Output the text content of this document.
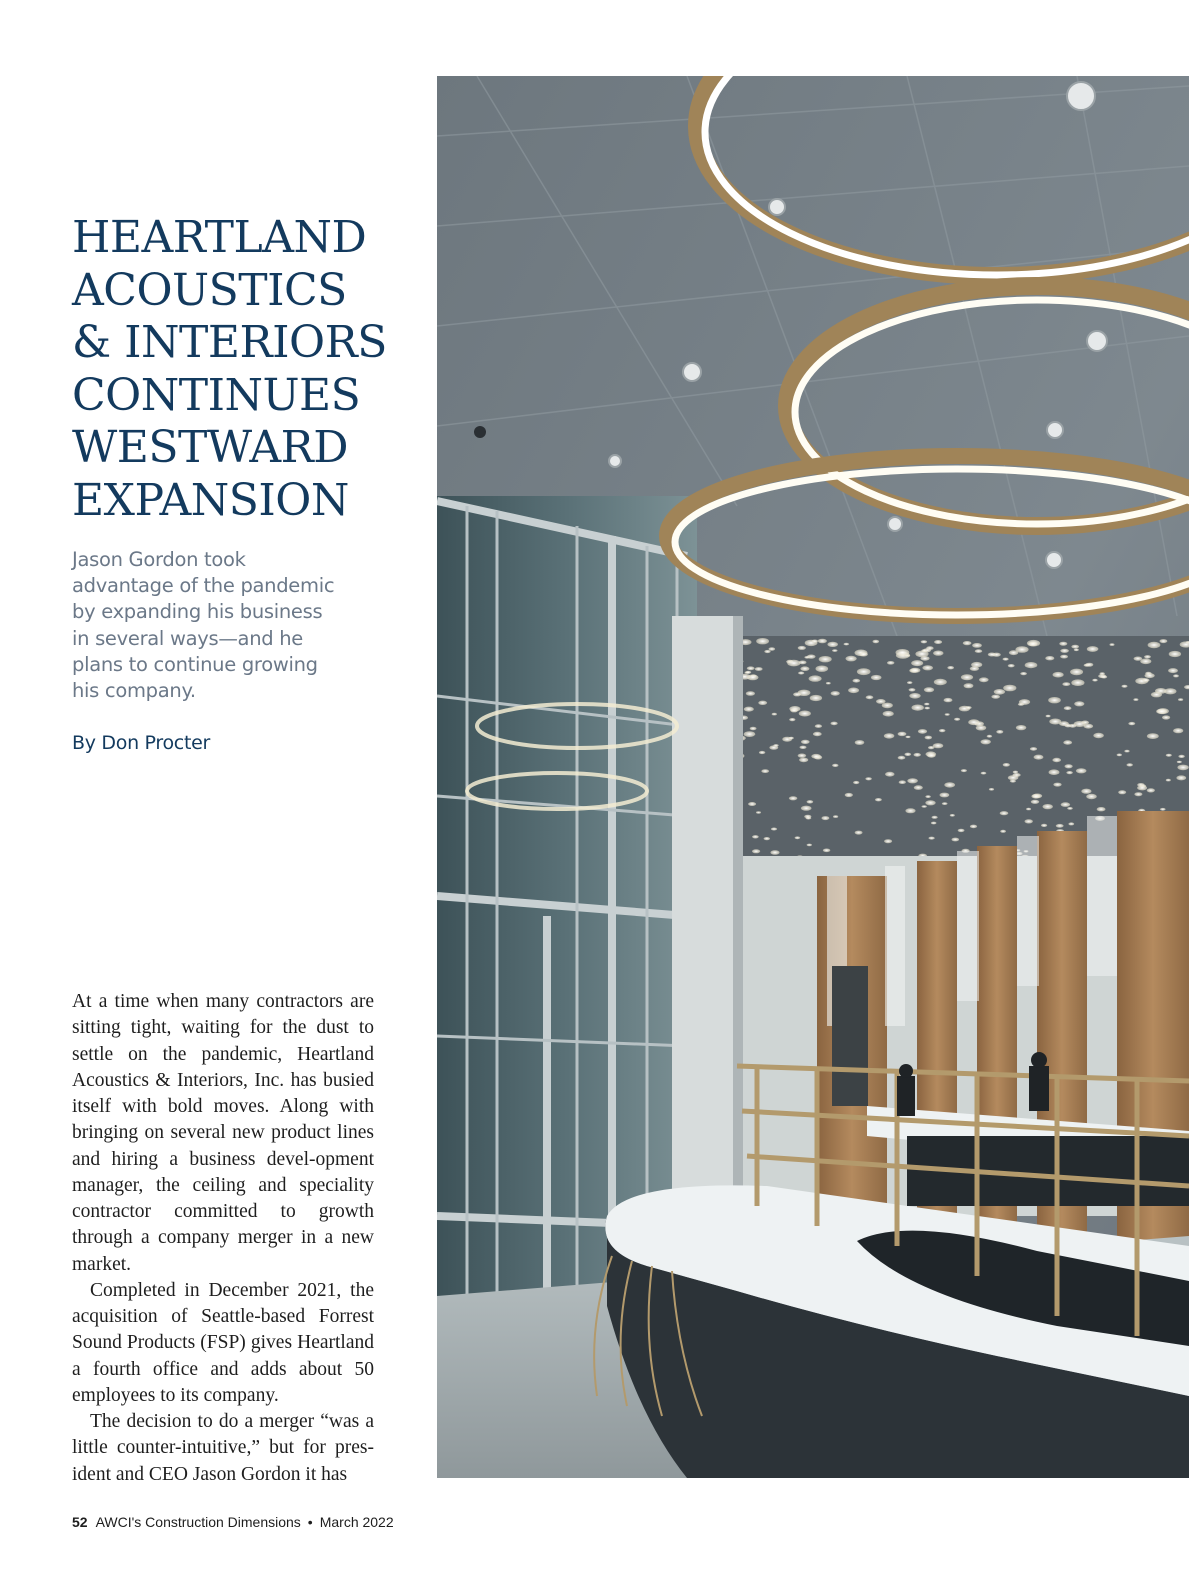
HEARTLAND
ACOUSTICS
& INTERIORS
CONTINUES
WESTWARD
EXPANSION

Jason Gordon took
advantage of the pandemic
by expanding his business
in several ways—and he
plans to continue growing
his company.

By Don Procter

At a time when many contractors are sitting tight, waiting for the dust to settle on the pandemic, Heartland Acoustics & Interiors, Inc. has busied itself with bold moves. Along with bringing on several new product lines and hiring a business devel-opment manager, the ceiling and speciality contractor committed to growth through a company merger in a new market.

Completed in December 2021, the acquisition of Seattle-based Forrest Sound Products (FSP) gives Heartland a fourth office and adds about 50 employees to its company.

The decision to do a merger “was a little counter-intuitive,” but for pres-ident and CEO Jason Gordon it has

52 AWCI's Construction Dimensions • March 2022
